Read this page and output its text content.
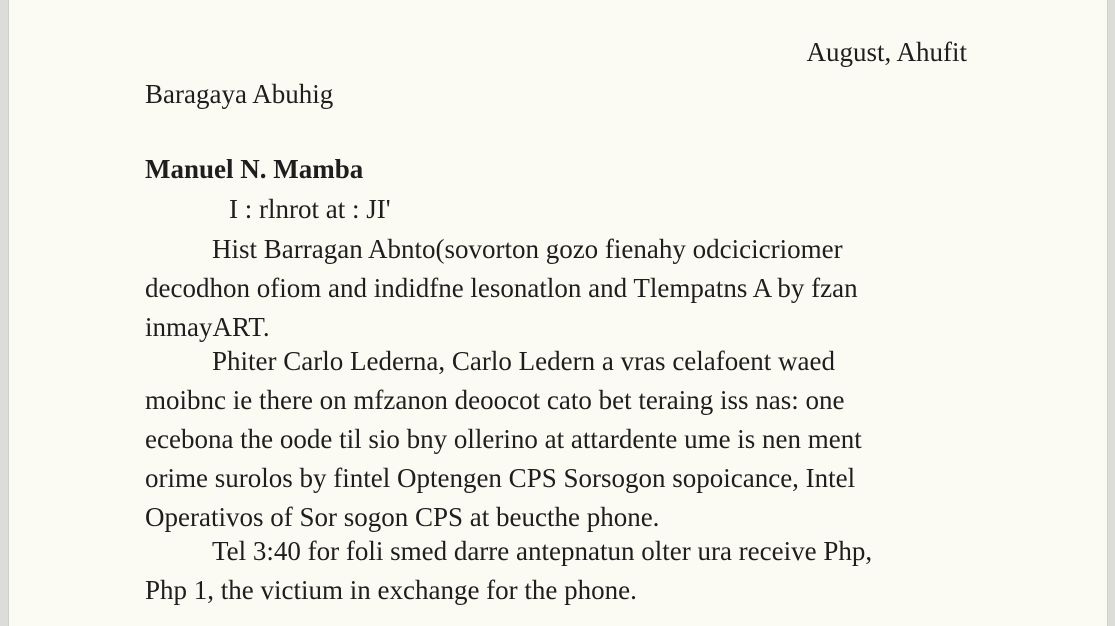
August, Ahufit
Baragaya Abuhig
Manuel N. Mamba
I : rlnrot at : JI'
Hist Barragan Abnto(sovorton gozo fienahy odcicicriomer
decodhon ofiom and indidfne lesonatlon and Tlempatns A by fzan
inmayART.
Phiter Carlo Lederna, Carlo Ledern a vras celafoent waed
moibnc ie there on mfzanon deoocot cato bet teraing iss nas: one
ecebona the oode til sio bny ollerino at attardente ume is nen ment
orime surolos by fintel Optengen CPS Sorsogon sopoicance, Intel
Operativos of Sor sogon CPS at beucthe phone.
Tel 3:40 for foli smed darre antepnatun olter ura receive Php,
Php 1, the victium in exchange for the phone.
